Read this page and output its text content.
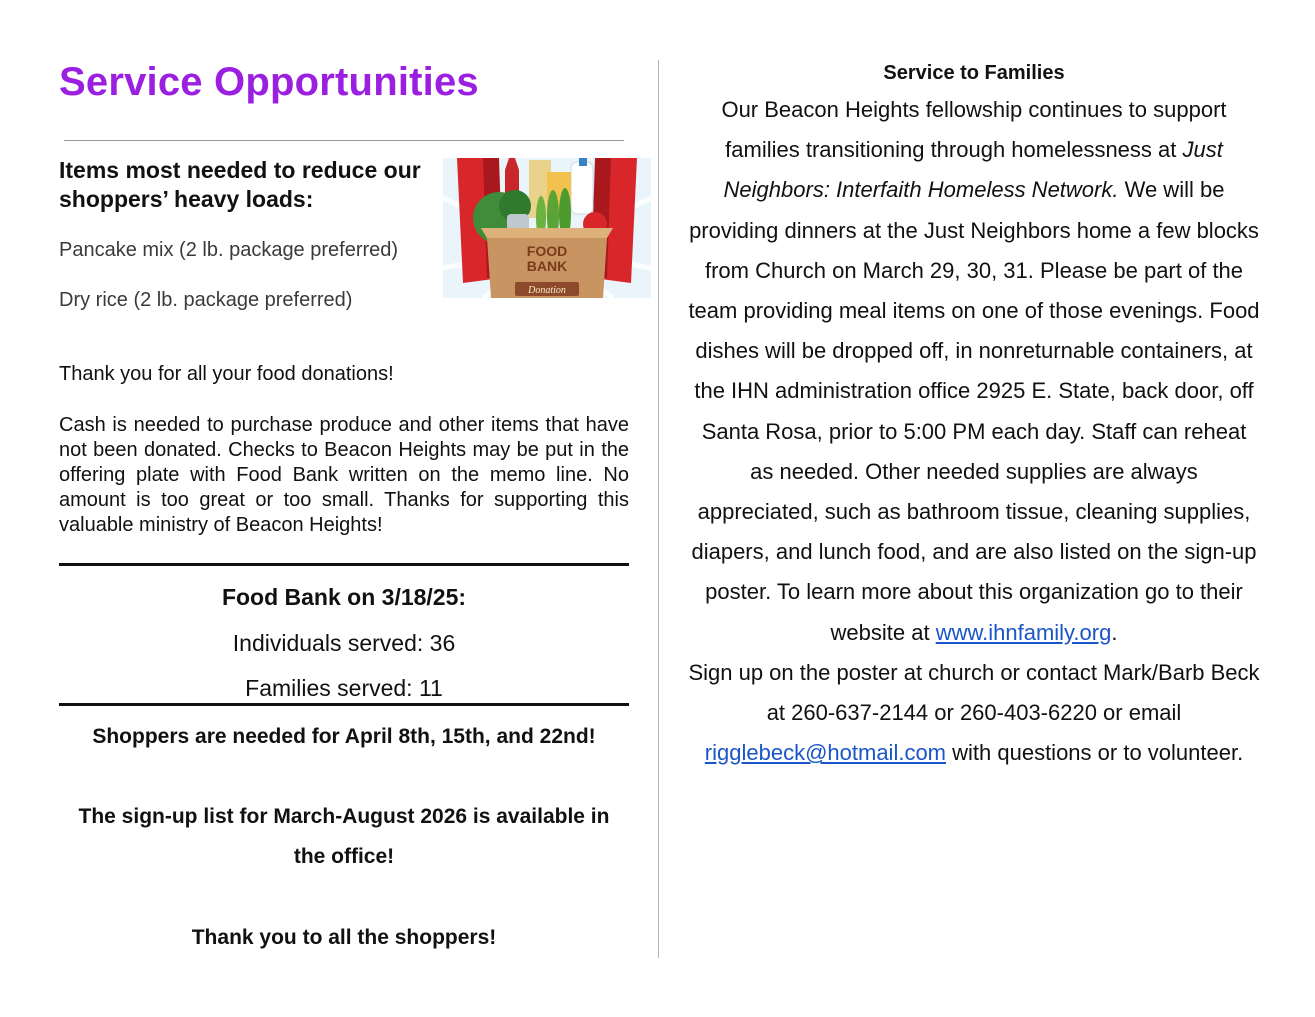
Service Opportunities
Items most needed to reduce our shoppers’ heavy loads:

Pancake mix (2 lb. package preferred)

Dry rice (2 lb. package preferred)

FOOD
BANK
Donation

Thank you for all your food donations!

Cash is needed to purchase produce and other items that have not been donated. Checks to Beacon Heights may be put in the offering plate with Food Bank written on the memo line. No amount is too great or too small. Thanks for supporting this valuable ministry of Beacon Heights!

Food Bank on 3/18/25:

Individuals served: 36

Families served: 11

Shoppers are needed for April 8th, 15th, and 22nd!

The sign-up list for March-August 2026 is available in the office!

Thank you to all the shoppers!

Service to Families

Our Beacon Heights fellowship continues to support families transitioning through homelessness at Just Neighbors: Interfaith Homeless Network. We will be providing dinners at the Just Neighbors home a few blocks from Church on March 29, 30, 31. Please be part of the team providing meal items on one of those evenings. Food dishes will be dropped off, in nonreturnable containers, at the IHN administration office 2925 E. State, back door, off Santa Rosa, prior to 5:00 PM each day. Staff can reheat as needed. Other needed supplies are always appreciated, such as bathroom tissue, cleaning supplies, diapers, and lunch food, and are also listed on the sign-up poster. To learn more about this organization go to their website at www.ihnfamily.org.

Sign up on the poster at church or contact Mark/Barb Beck at 260-637-2144 or 260-403-6220 or email rigglebeck@hotmail.com with questions or to volunteer.
